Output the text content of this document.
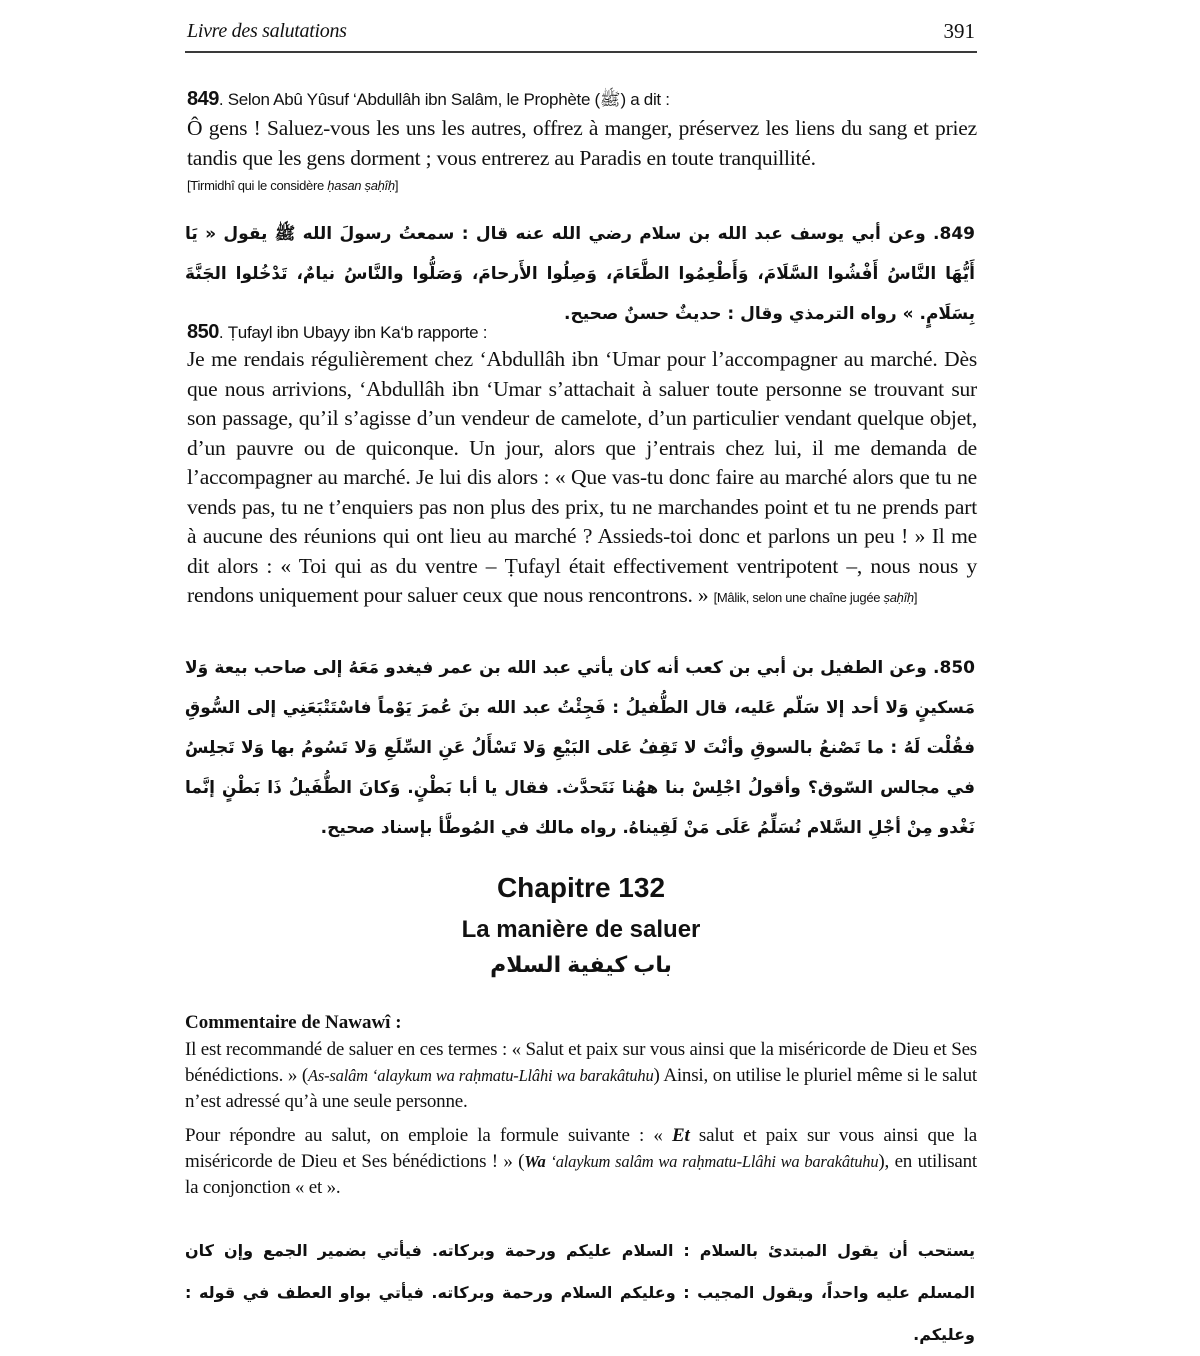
Livre des salutations	391
849. Selon Abû Yûsuf ‘Abdullâh ibn Salâm, le Prophète (ﷺ) a dit :
Ô gens ! Saluez-vous les uns les autres, offrez à manger, préservez les liens du sang et priez tandis que les gens dorment ; vous entrerez au Paradis en toute tranquillité.
[Tirmidhî qui le considère ḥasan ṣaḥîḥ]
849. وعن أبي يوسف عبد الله بن سلام رضي الله عنه قال : سمعتُ رسولَ الله ﷺ يقول « يَا أَيُّهَا النَّاسُ أَفْشُوا السَّلَامَ، وَأَطْعِمُوا الطَّعَامَ، وَصِلُوا الأَرحامَ، وَصَلُّوا والنَّاسُ نيامٌ، تَدْخُلوا الجَنَّةَ بِسَلَامٍ. » رواه الترمذي وقال : حديثٌ حسنٌ صحيح.
850. Ṭufayl ibn Ubayy ibn Ka‘b rapporte :
Je me rendais régulièrement chez ‘Abdullâh ibn ‘Umar pour l’accompagner au marché. Dès que nous arrivions, ‘Abdullâh ibn ‘Umar s’attachait à saluer toute personne se trouvant sur son passage, qu’il s’agisse d’un vendeur de camelote, d’un particulier vendant quelque objet, d’un pauvre ou de quiconque. Un jour, alors que j’entrais chez lui, il me demanda de l’accompagner au marché. Je lui dis alors : « Que vas-tu donc faire au marché alors que tu ne vends pas, tu ne t’enquiers pas non plus des prix, tu ne marchandes point et tu ne prends part à aucune des réunions qui ont lieu au marché ? Assieds-toi donc et parlons un peu ! » Il me dit alors : « Toi qui as du ventre – Ṭufayl était effectivement ventripotent –, nous nous y rendons uniquement pour saluer ceux que nous rencontrons. » [Mâlik, selon une chaîne jugée ṣaḥîḥ]
850. وعن الطفيل بن أبي بن كعب أنه كان يأتي عبد الله بن عمر فيغدو مَعَهُ إلى صاحب بيعة وَلا مَسكينٍ وَلا أحد إلا سَلّم عَليه، قال الطُّفيلُ : فَجِئْتُ عبد الله بنَ عُمرَ يَوْماً فاسْتَتْبَعَنِي إلى السُّوقِ فقُلْت لَهُ : ما تَصْنعُ بالسوقِ وأنْتَ لا تَقِفُ عَلى البَيْعِ وَلا تَسْأَلُ عَنِ السِّلَعِ وَلا تَسُومُ بها وَلا تَجلِسُ في مجالس السّوق؟ وأقولُ اجْلِسْ بنا ههُنا نَتَحدَّث. فقال يا أبا بَطْنٍ. وَكانَ الطُّفَيلُ ذَا بَطْنٍ إنَّما نَغْدو مِنْ أجْلِ السَّلام نُسَلِّمُ عَلَى مَنْ لَقِيناهُ. رواه مالك في المُوطَّأ بإسناد صحيح.
Chapitre 132
La manière de saluer
باب كيفية السلام
Commentaire de Nawawî :
Il est recommandé de saluer en ces termes : « Salut et paix sur vous ainsi que la miséricorde de Dieu et Ses bénédictions. » (As-salâm ‘alaykum wa raḥmatu-Llâhi wa barakâtuhu) Ainsi, on utilise le pluriel même si le salut n’est adressé qu’à une seule personne.
Pour répondre au salut, on emploie la formule suivante : « Et salut et paix sur vous ainsi que la miséricorde de Dieu et Ses bénédictions ! » (Wa ‘alaykum salâm wa raḥmatu-Llâhi wa barakâtuhu), en utilisant la conjonction « et ».
يستحب أن يقول المبتدئ بالسلام : السلام عليكم ورحمة وبركاته. فيأتي بضمير الجمع وإن كان المسلم عليه واحداً، ويقول المجيب : وعليكم السلام ورحمة وبركاته. فيأتي بواو العطف في قوله : وعليكم.
